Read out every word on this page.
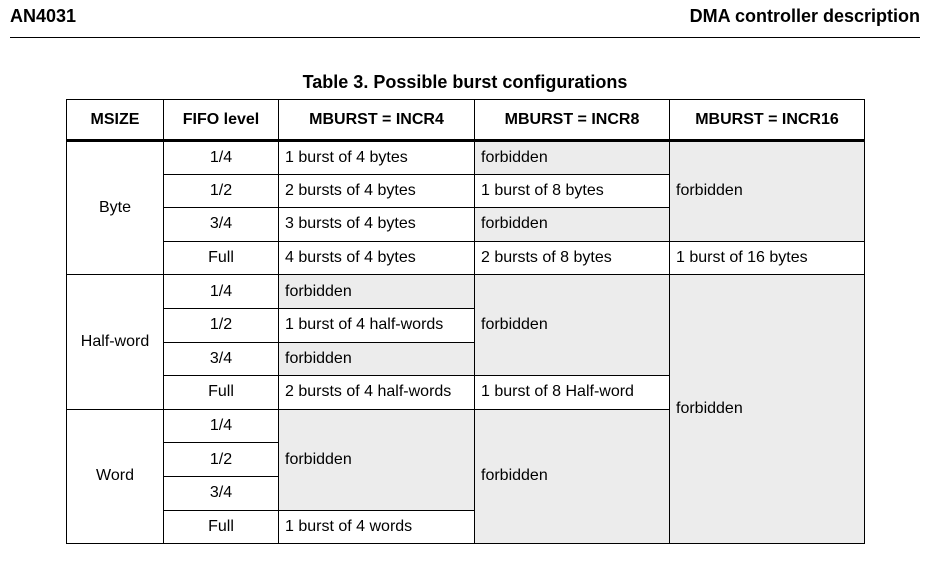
AN4031	DMA controller description
Table 3. Possible burst configurations
MSIZE	FIFO level	MBURST = INCR4	MBURST = INCR8	MBURST = INCR16
Byte	1/4	1 burst of 4 bytes	forbidden	forbidden
	1/2	2 bursts of 4 bytes	1 burst of 8 bytes	
	3/4	3 bursts of 4 bytes	forbidden	
	Full	4 bursts of 4 bytes	2 bursts of 8 bytes	1 burst of 16 bytes
Half-word	1/4	forbidden	forbidden	forbidden
	1/2	1 burst of 4 half-words		
	3/4	forbidden		
	Full	2 bursts of 4 half-words	1 burst of 8 Half-word	
Word	1/4	forbidden	forbidden	
	1/2			
	3/4			
	Full	1 burst of 4 words		
